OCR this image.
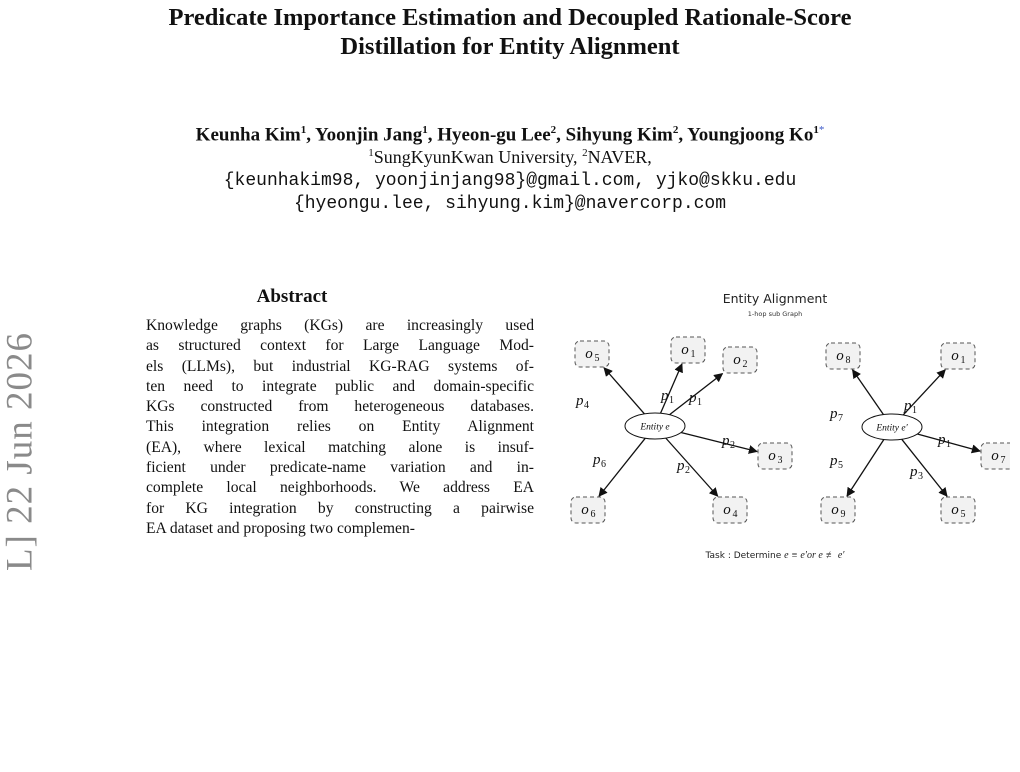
Predicate Importance Estimation and Decoupled Rationale-Score
Distillation for Entity Alignment
Keunha Kim$^1$, Yoonjin Jang$^1$, Hyeon-gu Lee$^2$, Sihyung Kim$^2$, Youngjoong $Ko^{1*}$
$^1$SungKyunKwan University, $^2$NAVER,
{keunhakim98, yoonjinjang98}@gmail.com, yjko@skku.edu
{hyeongu.lee, sihyung.kim}@navercorp.com
L] 22 Jun 2026
Abstract
Knowledge graphs (KGs) are increasingly used
as structured context for Large Language Mod-
els (LLMs), but industrial KG-RAG systems of-
ten need to integrate public and domain-specific
KGs constructed from heterogeneous databases.
This integration relies on Entity Alignment
(EA), where lexical matching alone is insuf-
ficient under predicate-name variation and in-
complete local neighborhoods. We address EA
for KG integration by constructing a pairwise
EA dataset and proposing two complemen-
Entity Alignment
1-hop sub Graph
o 5
o 1	o 2
o 3
o 4
o 6
o 8	o 1
o 7
o 5
o 9
p 4
p 1 p 1
p 2
p 2
p 6
p 7
p 1
p 1
p 3
p 5
Entity e	Entity e′
Task : Determine e ≡ e′or e ≢ e′
